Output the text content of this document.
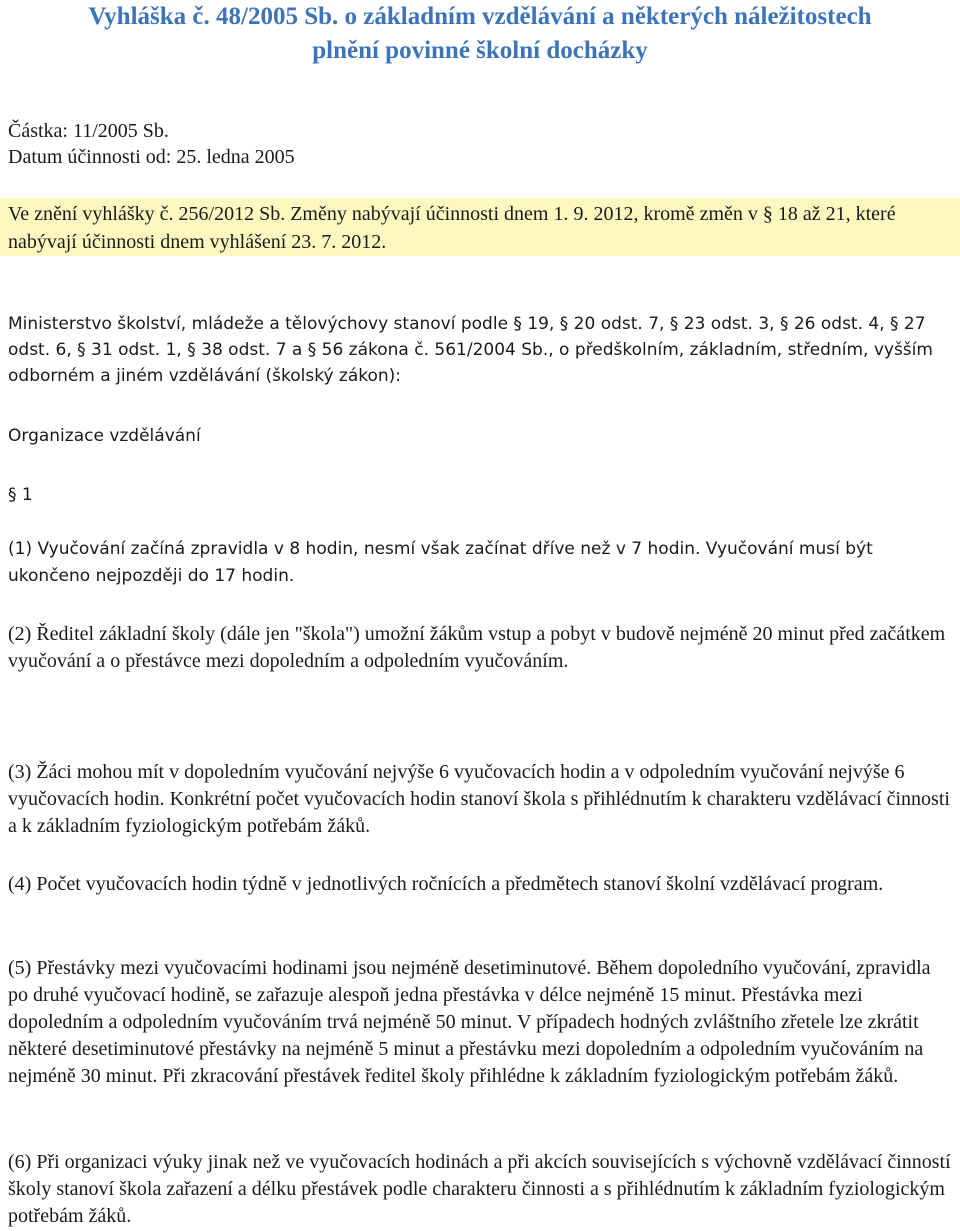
Vyhláška č. 48/2005 Sb. o základním vzdělávání a některých náležitostech
plnění povinné školní docházky

Částka: 11/2005 Sb.

Datum účinnosti od: 25. ledna 2005

Ve znění vyhlášky č. 256/2012 Sb. Změny nabývají účinnosti dnem 1. 9. 2012, kromě změn v § 18 až 21, které nabývají účinnosti dnem vyhlášení 23. 7. 2012.
Ministerstvo školství, mládeže a tělovýchovy stanoví podle § 19, § 20 odst. 7, § 23 odst. 3, § 26 odst. 4, § 27 odst. 6, § 31 odst. 1, § 38 odst. 7 a § 56 zákona č. 561/2004 Sb., o předškolním, základním, středním, vyšším odborném a jiném vzdělávání (školský zákon):
Organizace vzdělávání
§ 1

(1) Vyučování začíná zpravidla v 8 hodin, nesmí však začínat dříve než v 7 hodin. Vyučování musí být ukončeno nejpozději do 17 hodin.

(2) Ředitel základní školy (dále jen "škola") umožní žákům vstup a pobyt v budově nejméně 20 minut před začátkem vyučování a o přestávce mezi dopoledním a odpoledním vyučováním.

(3) Žáci mohou mít v dopoledním vyučování nejvýše 6 vyučovacích hodin a v odpoledním vyučování nejvýše 6 vyučovacích hodin. Konkrétní počet vyučovacích hodin stanoví škola s přihlédnutím k charakteru vzdělávací činnosti a k základním fyziologickým potřebám žáků.

(4) Počet vyučovacích hodin týdně v jednotlivých ročnících a předmětech stanoví školní vzdělávací program.

(5) Přestávky mezi vyučovacími hodinami jsou nejméně desetiminutové. Během dopoledního vyučování, zpravidla po druhé vyučovací hodině, se zařazuje alespoň jedna přestávka v délce nejméně 15 minut. Přestávka mezi dopoledním a odpoledním vyučováním trvá nejméně 50 minut. V případech hodných zvláštního zřetele lze zkrátit některé desetiminutové přestávky na nejméně 5 minut a přestávku mezi dopoledním a odpoledním vyučováním na nejméně 30 minut. Při zkracování přestávek ředitel školy přihlédne k základním fyziologickým potřebám žáků.

(6) Při organizaci výuky jinak než ve vyučovacích hodinách a při akcích souvisejících s výchovně vzdělávací činností školy stanoví škola zařazení a délku přestávek podle charakteru činnosti a s přihlédnutím k základním fyziologickým potřebám žáků.
